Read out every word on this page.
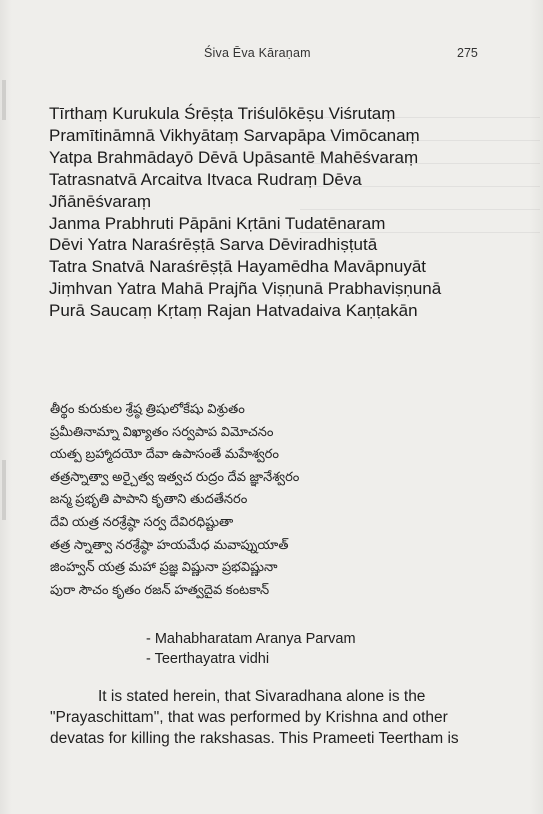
Śiva Ēva Kāraṇam	275
Tīrthaṃ Kurukula Śrēṣṭa Triśulōkēṣu Viśrutaṃ
Pramītināmnā Vikhyātaṃ Sarvapāpa Vimōcanaṃ
Yatpa Brahmādayō Dēvā Upāsantē Mahēśvaraṃ
Tatrasnatvā Arcaitva Itvaca Rudraṃ Dēva
Jñānēśvaraṃ
Janma Prabhruti Pāpāni Kṛtāni Tudatēnaram
Dēvi Yatra Naraśrēṣṭā Sarva Dēviradhiṣṭutā
Tatra Snatvā Naraśrēṣṭā Hayamēdha Mavāpnuyāt
Jiṃhvan Yatra Mahā Prajña Viṣṇunā Prabhaviṣṇunā
Purā Saucaṃ Kṛtaṃ Rajan Hatvadaiva Kaṇṭakān
తీర్థం కురుకుల శ్రేష్ఠ త్రిషులోకేషు విశ్రుతం
ప్రమీతినామ్నా విఖ్యాతం సర్వపాప విమోచనం
యత్ప బ్రహ్మాదయో దేవా ఉపాసంతే మహేశ్వరం
తత్రస్నాత్వా అర్చైత్వ ఇత్వచ రుద్రం దేవ జ్ఞానేశ్వరం
జన్మ ప్రభృతి పాపాని కృతాని తుదతేనరం
దేవి యత్ర నరశ్రేష్ఠా సర్వ దేవిరధిష్టుతా
తత్ర స్నాత్వా నరశ్రేష్ఠా హయమేధ మవాప్నుయాత్
జింహ్వన్ యత్ర మహా ప్రజ్ఞ విష్ణునా ప్రభవిష్ణునా
పురా సౌచం కృతం రజన్ హత్వదైవ కంటకాన్
- Mahabharatam Aranya Parvam
- Teerthayatra vidhi
It is stated herein, that Sivaradhana alone is the
"Prayaschittam", that was performed by Krishna and other
devatas for killing the rakshasas. This Prameeti Teertham is
